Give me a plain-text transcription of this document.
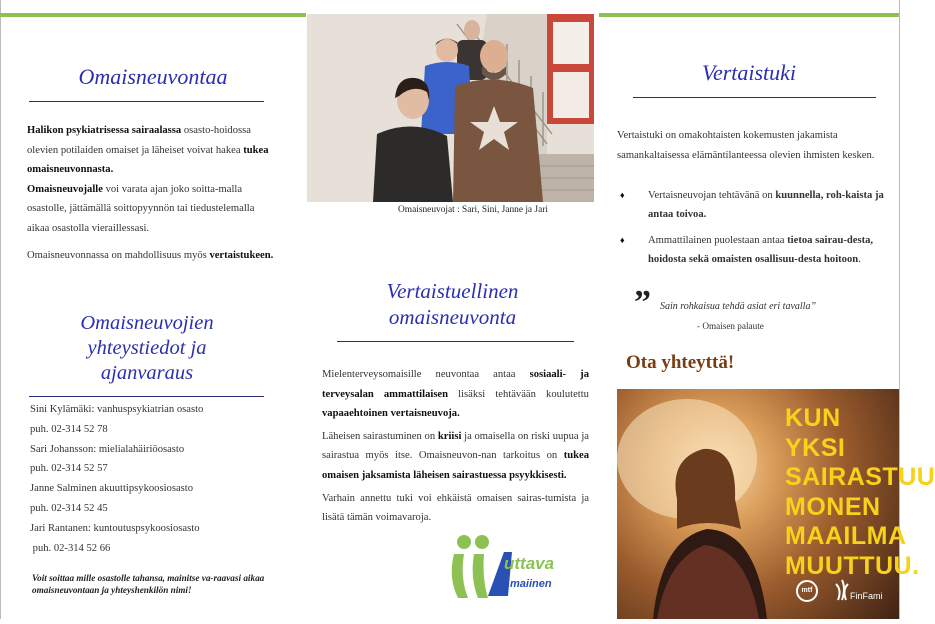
Omaisneuvontaa

Halikon psykiatrisessa sairaalassa osasto-hoidossa olevien potilaiden omaiset ja läheiset voivat hakea tukea omaisneuvonnasta.

Omaisneuvojalle voi varata ajan joko soitta-malla osastolle, jättämällä soittopyynnön tai tiedustelemalla aikaa osastolla vieraillessasi.

Omaisneuvonnassa on mahdollisuus myös vertaistukeen.

Omaisneuvojien
yhteystiedot ja
ajanvaraus
Sini Kylämäki: vanhuspsykiatrian osasto
puh. 02-314 52 78
Sari Johansson: mielialahäiriöosasto
puh. 02-314 52 57
Janne Salminen akuuttipsykoosiosasto
puh. 02-314 52 45
Jari Rantanen: kuntoutuspsykoosiosasto
puh. 02-314 52 66
Voit soittaa mille osastolle tahansa, mainitse va-raavasi aikaa omaisneuvontaan ja yhteyshenkilön nimi!
Omaisneuvojat : Sari, Sini, Janne ja Jari
Vertaistuellinen
omaisneuvonta

Mielenterveysomaisille neuvontaa antaa sosiaali- ja terveysalan ammattilaisen lisäksi tehtävään koulutettu vapaaehtoinen vertaisneuvoja.

Läheisen sairastuminen on kriisi ja omaisella on riski uupua ja sairastua myös itse. Omaisneuvon-nan tarkoitus on tukea omaisen jaksamista läheisen sairastuessa psyykkisesti.

Varhain annettu tuki voi ehkäistä omaisen sairas-tumista ja lisätä tämän voimavaroja.

uttava
maiinen
Vertaistuki
Vertaistuki on omakohtaisten kokemusten jakamista samankaltaisessa elämäntilanteessa olevien ihmisten kesken.
♦ Vertaisneuvojan tehtävänä on kuunnella, roh-kaista ja antaa toivoa.
♦ Ammattilainen puolestaan antaa tietoa sairau-desta, hoidosta sekä omaisten osallisuu-desta hoitoon.
” Sain rohkaisua tehdä asiat eri tavalla”
- Omaisen palaute
Ota yhteyttä!
KUN YKSI
SAIRASTUU
MONEN
MAAILMA
MUUTTUU.
mtf
FinFami
